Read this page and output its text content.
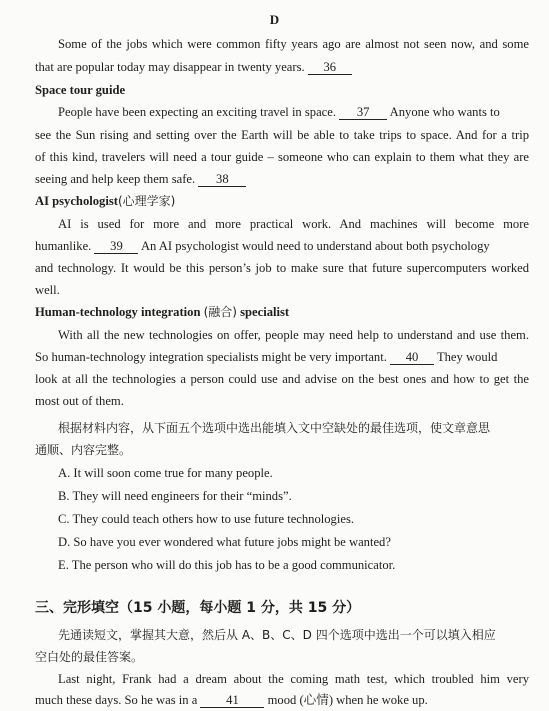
D
Some of the jobs which were common fifty years ago are almost not seen now, and some
that are popular today may disappear in twenty years. 36
Space tour guide
People have been expecting an exciting travel in space. 37 Anyone who wants to
see the Sun rising and setting over the Earth will be able to take trips to space. And for a trip
of this kind, travelers will need a tour guide – someone who can explain to them what they are
seeing and help keep them safe. 38
AI psychologist(心理学家)
AI is used for more and more practical work. And machines will become more
humanlike. 39 An AI psychologist would need to understand about both psychology
and technology. It would be this person’s job to make sure that future supercomputers worked
well.
Human-technology integration (融合) specialist
With all the new technologies on offer, people may need help to understand and use them.
So human-technology integration specialists might be very important. 40 They would
look at all the technologies a person could use and advise on the best ones and how to get the
most out of them.
根据材料内容，从下面五个选项中选出能填入文中空缺处的最佳选项，使文章意思
通顺、内容完整。
A. It will soon come true for many people.
B. They will need engineers for their “minds”.
C. They could teach others how to use future technologies.
D. So have you ever wondered what future jobs might be wanted?
E. The person who will do this job has to be a good communicator.
三、完形填空（15 小题，每小题 1 分，共 15 分）
先通读短文，掌握其大意，然后从 A、B、C、D 四个选项中选出一个可以填入相应
空白处的最佳答案。
Last night, Frank had a dream about the coming math test, which troubled him very
much these days. So he was in a 41 mood (心情) when he woke up.
